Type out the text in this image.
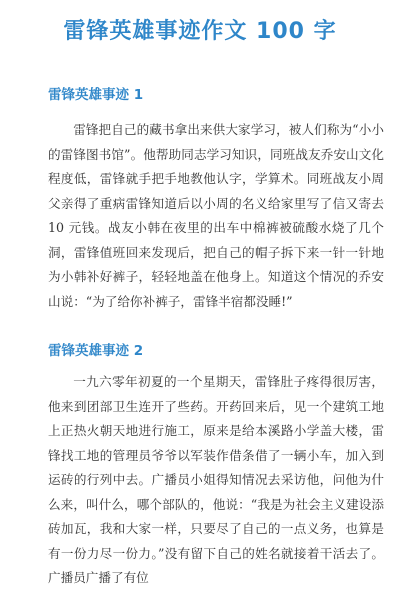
雷锋英雄事迹作文 100 字
雷锋英雄事迹 1

雷锋把自己的藏书拿出来供大家学习，被人们称为“小小的雷锋图书馆”。他帮助同志学习知识，同班战友乔安山文化程度低，雷锋就手把手地教他认字，学算术。同班战友小周父亲得了重病雷锋知道后以小周的名义给家里写了信又寄去 10 元钱。战友小韩在夜里的出车中棉裤被硫酸水烧了几个洞，雷锋值班回来发现后，把自己的帽子拆下来一针一针地为小韩补好裤子，轻轻地盖在他身上。知道这个情况的乔安山说：“为了给你补裤子，雷锋半宿都没睡!”

雷锋英雄事迹 2

一九六零年初夏的一个星期天，雷锋肚子疼得很厉害，他来到团部卫生连开了些药。开药回来后，见一个建筑工地上正热火朝天地进行施工，原来是给本溪路小学盖大楼，雷锋找工地的管理员爷爷以军装作借条借了一辆小车，加入到运砖的行列中去。广播员小姐得知情况去采访他，问他为什么来，叫什么，哪个部队的，他说：“我是为社会主义建设添砖加瓦，我和大家一样，只要尽了自己的一点义务，也算是有一份力尽一份力。”没有留下自己的姓名就接着干活去了。广播员广播了有位
